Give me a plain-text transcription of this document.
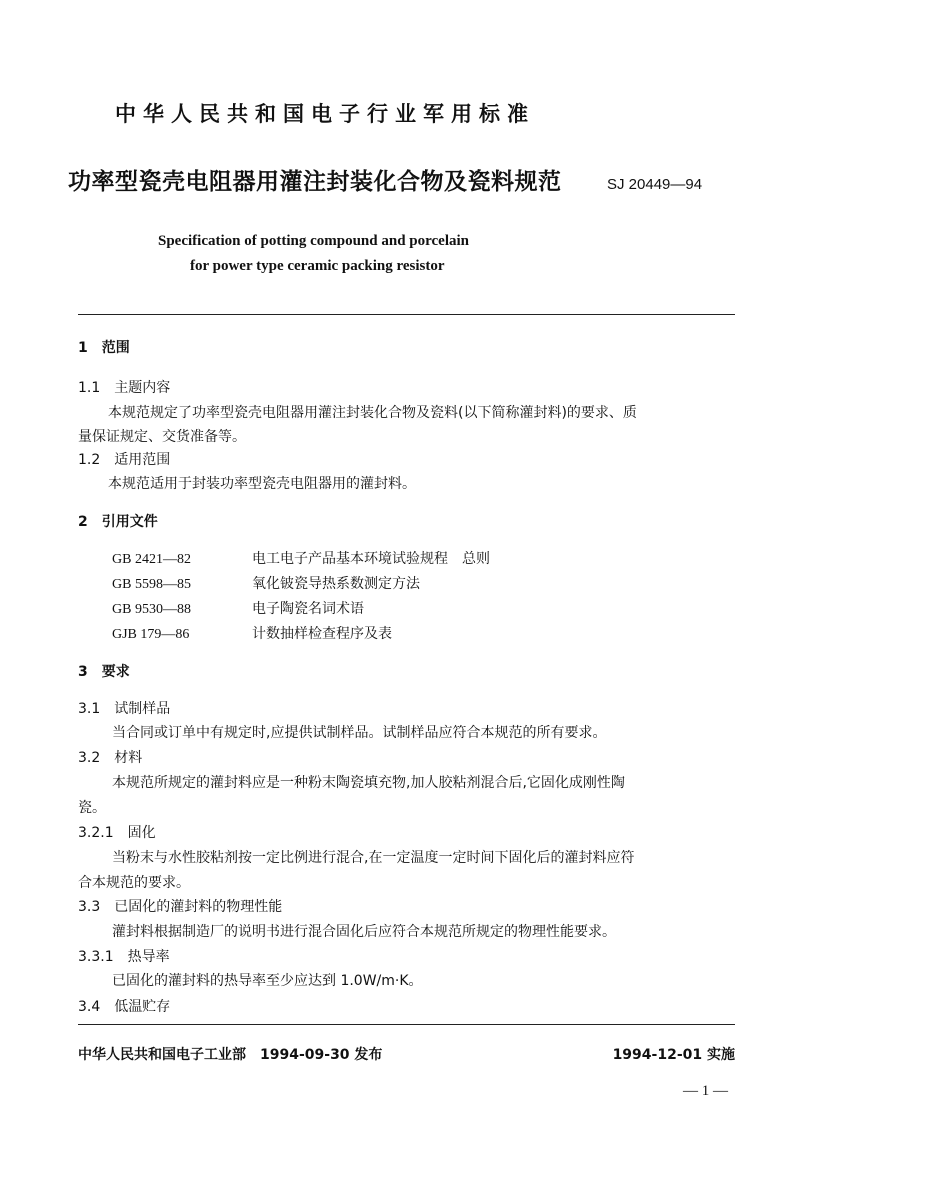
中华人民共和国电子行业军用标准
功率型瓷壳电阻器用灌注封装化合物及瓷料规范	SJ 20449—94
Specification of potting compound and porcelain
for power type ceramic packing resistor
1 范围
1.1 主题内容
本规范规定了功率型瓷壳电阻器用灌注封装化合物及瓷料(以下简称灌封料)的要求、质
量保证规定、交货准备等。
1.2 适用范围
本规范适用于封装功率型瓷壳电阻器用的灌封料。
2 引用文件
GB 2421—82	电工电子产品基本环境试验规程　总则
GB 5598—85	氧化铍瓷导热系数测定方法
GB 9530—88	电子陶瓷名词术语
GJB 179—86	计数抽样检查程序及表
3 要求
3.1 试制样品
当合同或订单中有规定时,应提供试制样品。试制样品应符合本规范的所有要求。
3.2 材料
本规范所规定的灌封料应是一种粉末陶瓷填充物,加人胶粘剂混合后,它固化成刚性陶
瓷。
3.2.1 固化
当粉末与水性胶粘剂按一定比例进行混合,在一定温度一定时间下固化后的灌封料应符
合本规范的要求。
3.3 已固化的灌封料的物理性能
灌封料根据制造厂的说明书进行混合固化后应符合本规范所规定的物理性能要求。
3.3.1 热导率
已固化的灌封料的热导率至少应达到 1.0W/m·K。
3.4 低温贮存
中华人民共和国电子工业部　1994-09-30 发布	1994-12-01 实施
— 1 —
